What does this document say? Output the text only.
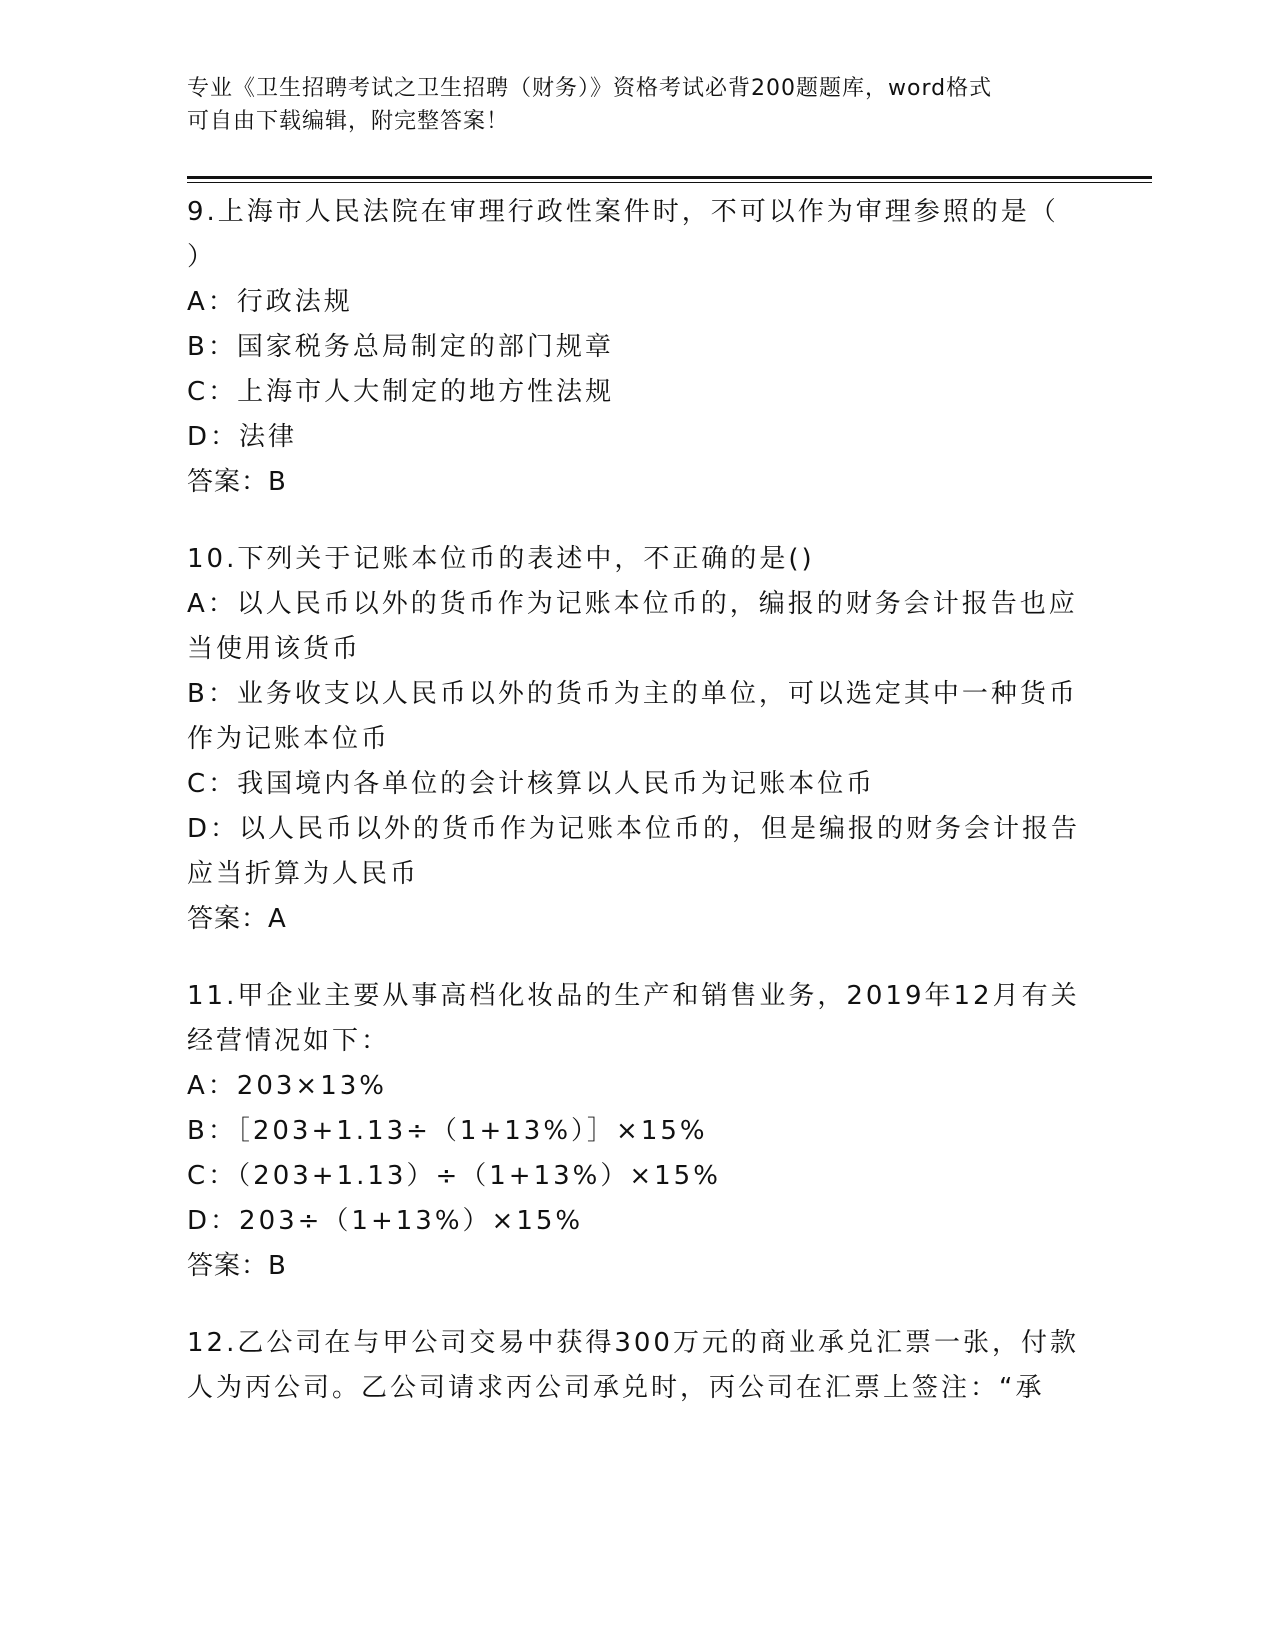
专业《卫生招聘考试之卫生招聘（财务）》资格考试必背200题题库，word格式
可自由下载编辑，附完整答案！
9.上海市人民法院在审理行政性案件时，不可以作为审理参照的是（
）
A：行政法规
B：国家税务总局制定的部门规章
C：上海市人大制定的地方性法规
D：法律
答案：B
10.下列关于记账本位币的表述中，不正确的是()
A：以人民币以外的货币作为记账本位币的，编报的财务会计报告也应
当使用该货币
B：业务收支以人民币以外的货币为主的单位，可以选定其中一种货币
作为记账本位币
C：我国境内各单位的会计核算以人民币为记账本位币
D：以人民币以外的货币作为记账本位币的，但是编报的财务会计报告
应当折算为人民币
答案：A
11.甲企业主要从事高档化妆品的生产和销售业务，2019年12月有关
经营情况如下：
A：203×13%
B：［203+1.13÷（1+13%）］×15%
C：（203+1.13）÷（1+13%）×15%
D：203÷（1+13%）×15%
答案：B
12.乙公司在与甲公司交易中获得300万元的商业承兑汇票一张，付款
人为丙公司。乙公司请求丙公司承兑时，丙公司在汇票上签注：“承
